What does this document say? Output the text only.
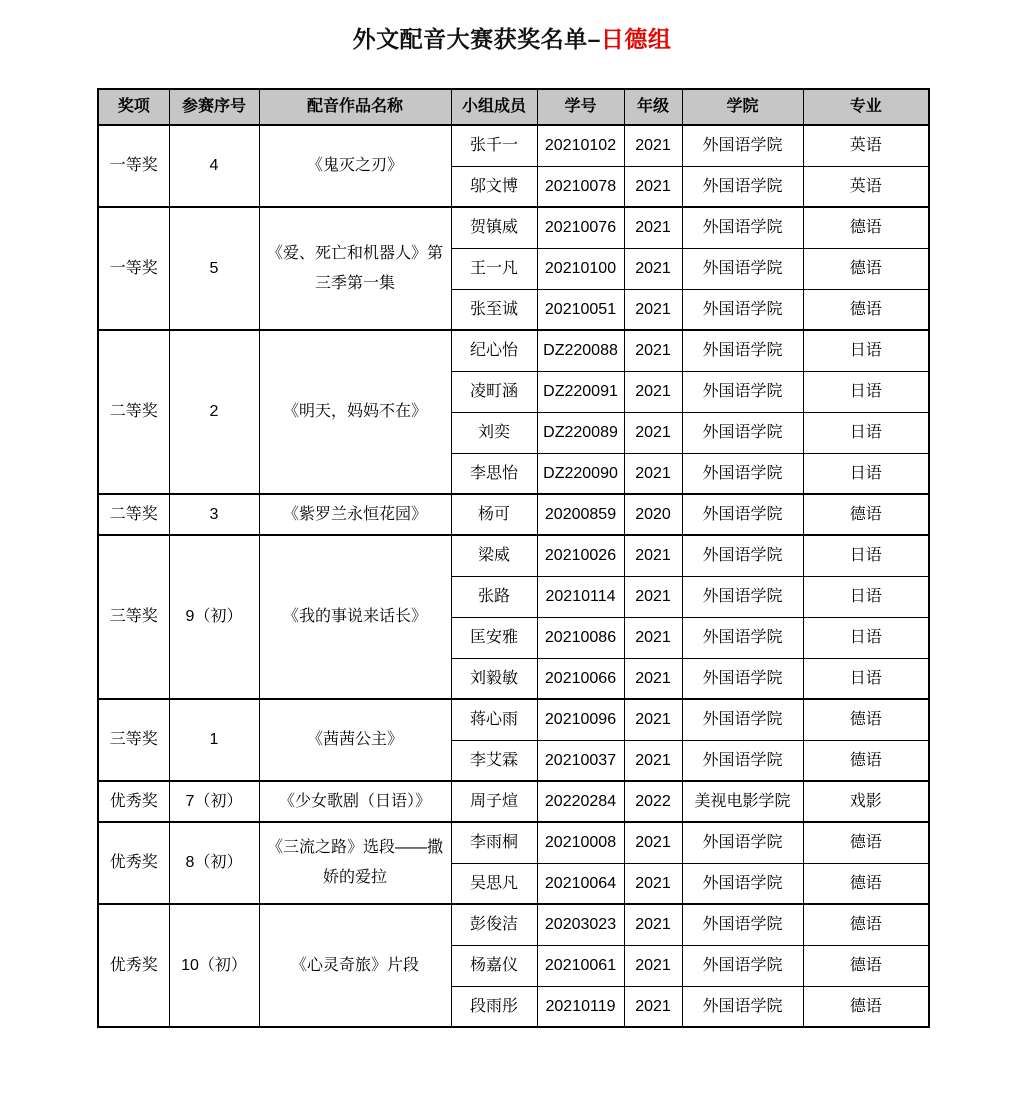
外文配音大赛获奖名单–日德组
奖项	参赛序号	配音作品名称	小组成员	学号	年级	学院	专业
一等奖	4	《鬼灭之刃》	张千一	20210102	2021	外国语学院	英语
			邬文博	20210078	2021	外国语学院	英语
一等奖	5	《爱、死亡和机器人》第三季第一集	贺镇威	20210076	2021	外国语学院	德语
			王一凡	20210100	2021	外国语学院	德语
			张至诚	20210051	2021	外国语学院	德语
二等奖	2	《明天，妈妈不在》	纪心怡	DZ220088	2021	外国语学院	日语
			凌町涵	DZ220091	2021	外国语学院	日语
			刘奕	DZ220089	2021	外国语学院	日语
			李思怡	DZ220090	2021	外国语学院	日语
二等奖	3	《紫罗兰永恒花园》	杨可	20200859	2020	外国语学院	德语
三等奖	9（初）	《我的事说来话长》	梁威	20210026	2021	外国语学院	日语
			张路	20210114	2021	外国语学院	日语
			匡安雅	20210086	2021	外国语学院	日语
			刘毅敏	20210066	2021	外国语学院	日语
三等奖	1	《茜茜公主》	蒋心雨	20210096	2021	外国语学院	德语
			李艾霖	20210037	2021	外国语学院	德语
优秀奖	7（初）	《少女歌剧（日语）》	周子煊	20220284	2022	美视电影学院	戏影
优秀奖	8（初）	《三流之路》选段——撒娇的爱拉	李雨桐	20210008	2021	外国语学院	德语
			吴思凡	20210064	2021	外国语学院	德语
优秀奖	10（初）	《心灵奇旅》片段	彭俊洁	20203023	2021	外国语学院	德语
			杨嘉仪	20210061	2021	外国语学院	德语
			段雨彤	20210119	2021	外国语学院	德语
